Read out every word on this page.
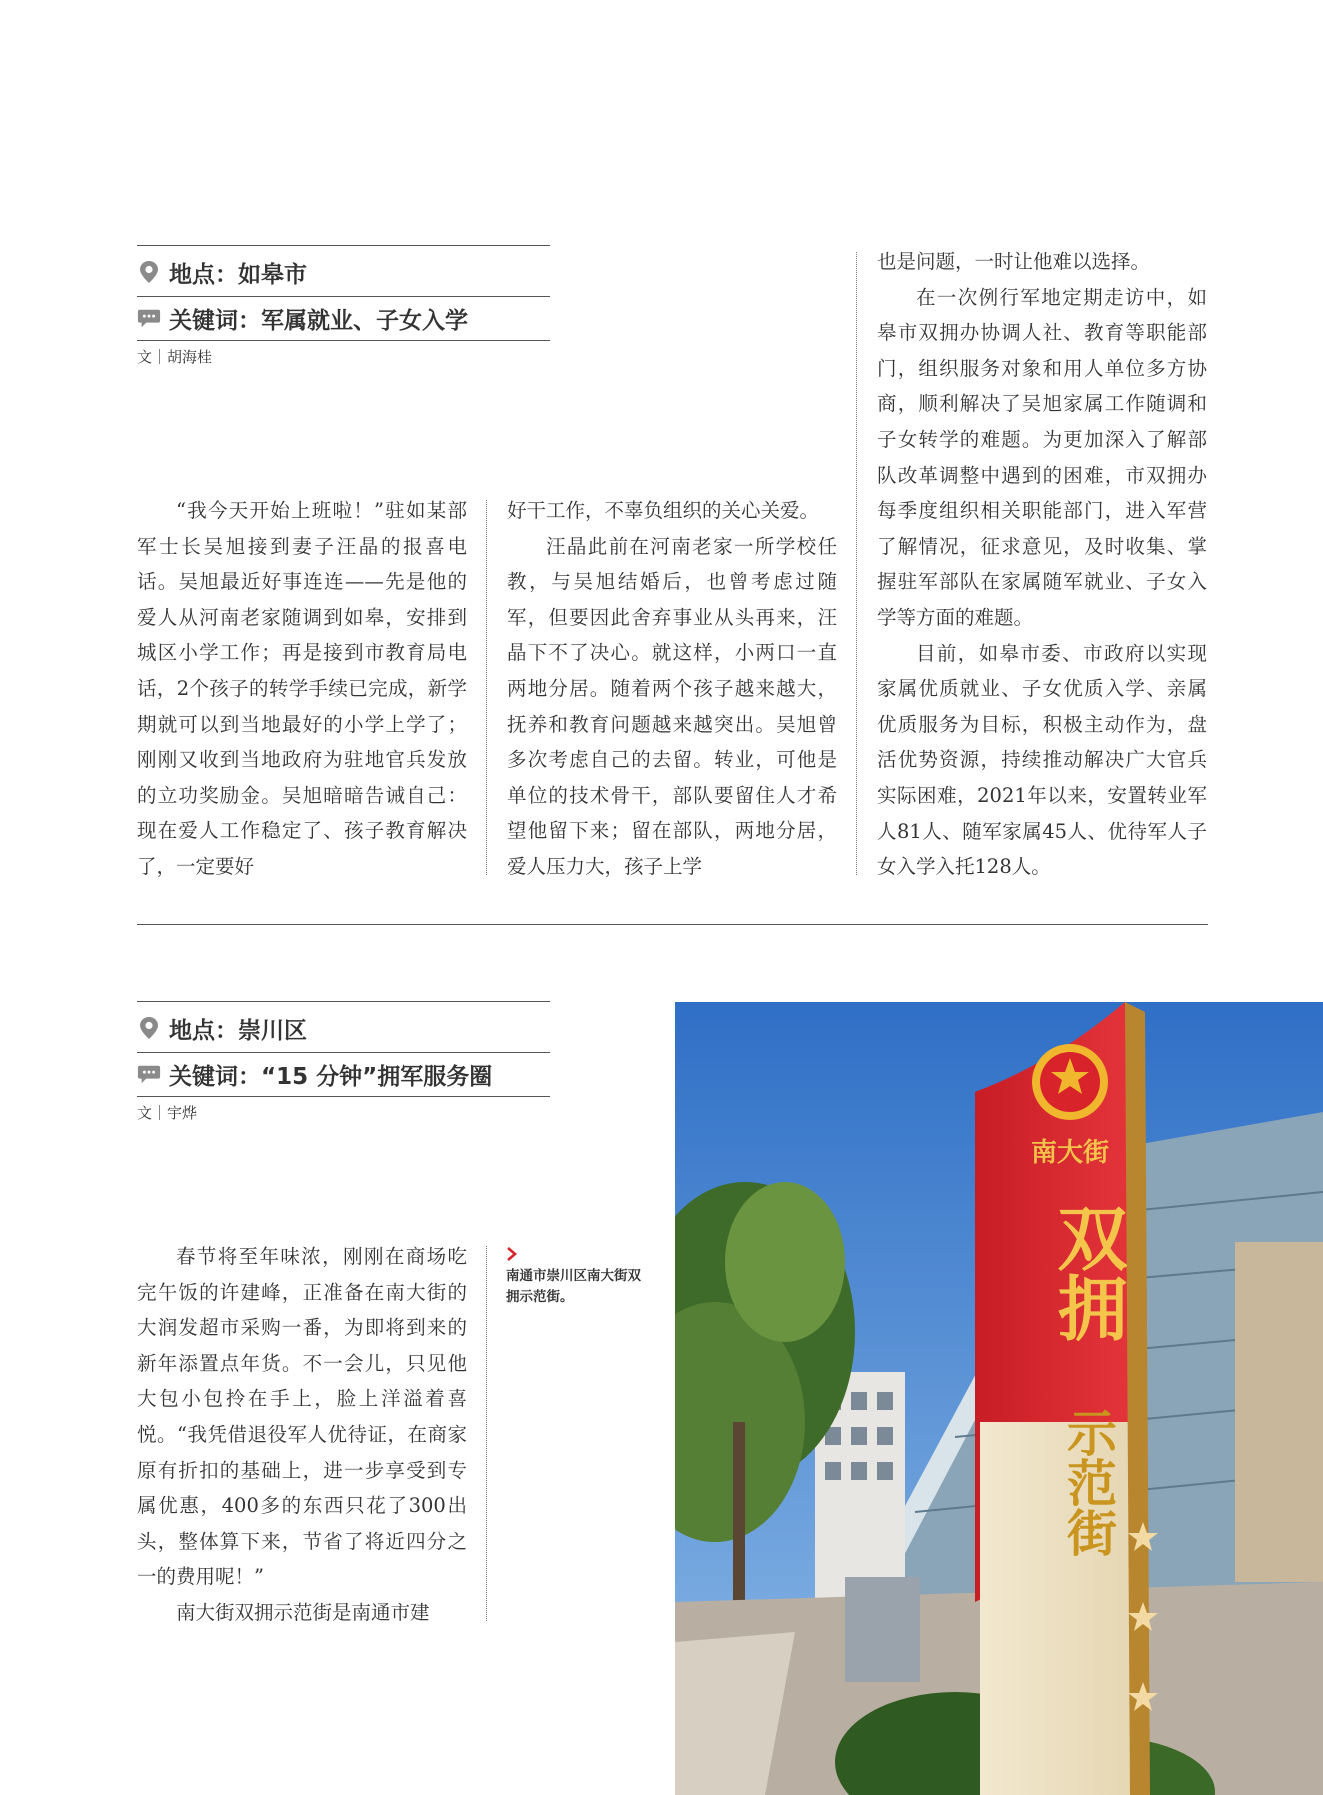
地点： 如皋市
关键词： 军属就业、子女入学
文｜胡海桂

“我今天开始上班啦！”驻如某部军士长吴旭接到妻子汪晶的报喜电话。吴旭最近好事连连——先是他的爱人从河南老家随调到如皋，安排到城区小学工作；再是接到市教育局电话，2个孩子的转学手续已完成，新学期就可以到当地最好的小学上学了；刚刚又收到当地政府为驻地官兵发放的立功奖励金。吴旭暗暗告诫自己：现在爱人工作稳定了、孩子教育解决了，一定要好

好干工作，不辜负组织的关心关爱。

汪晶此前在河南老家一所学校任教，与吴旭结婚后，也曾考虑过随军，但要因此舍弃事业从头再来，汪晶下不了决心。就这样，小两口一直两地分居。随着两个孩子越来越大，抚养和教育问题越来越突出。吴旭曾多次考虑自己的去留。转业，可他是单位的技术骨干，部队要留住人才希望他留下来；留在部队，两地分居，爱人压力大，孩子上学

也是问题，一时让他难以选择。

在一次例行军地定期走访中，如皋市双拥办协调人社、教育等职能部门，组织服务对象和用人单位多方协商，顺利解决了吴旭家属工作随调和子女转学的难题。为更加深入了解部队改革调整中遇到的困难，市双拥办每季度组织相关职能部门，进入军营了解情况，征求意见，及时收集、掌握驻军部队在家属随军就业、子女入学等方面的难题。

目前，如皋市委、市政府以实现家属优质就业、子女优质入学、亲属优质服务为目标，积极主动作为，盘活优势资源，持续推动解决广大官兵实际困难，2021年以来，安置转业军人81人、随军家属45人、优待军人子女入学入托128人。

地点： 崇川区
关键词： “15 分钟”拥军服务圈
文｜宇烨

春节将至年味浓，刚刚在商场吃完午饭的许建峰，正准备在南大街的大润发超市采购一番，为即将到来的新年添置点年货。不一会儿，只见他大包小包拎在手上，脸上洋溢着喜悦。“我凭借退役军人优待证，在商家原有折扣的基础上，进一步享受到专属优惠，400多的东西只花了300出头，整体算下来，节省了将近四分之一的费用呢！”

南大街双拥示范街是南通市建

南通市崇川区南大街双拥示范街。
南大街
双拥
示范街
